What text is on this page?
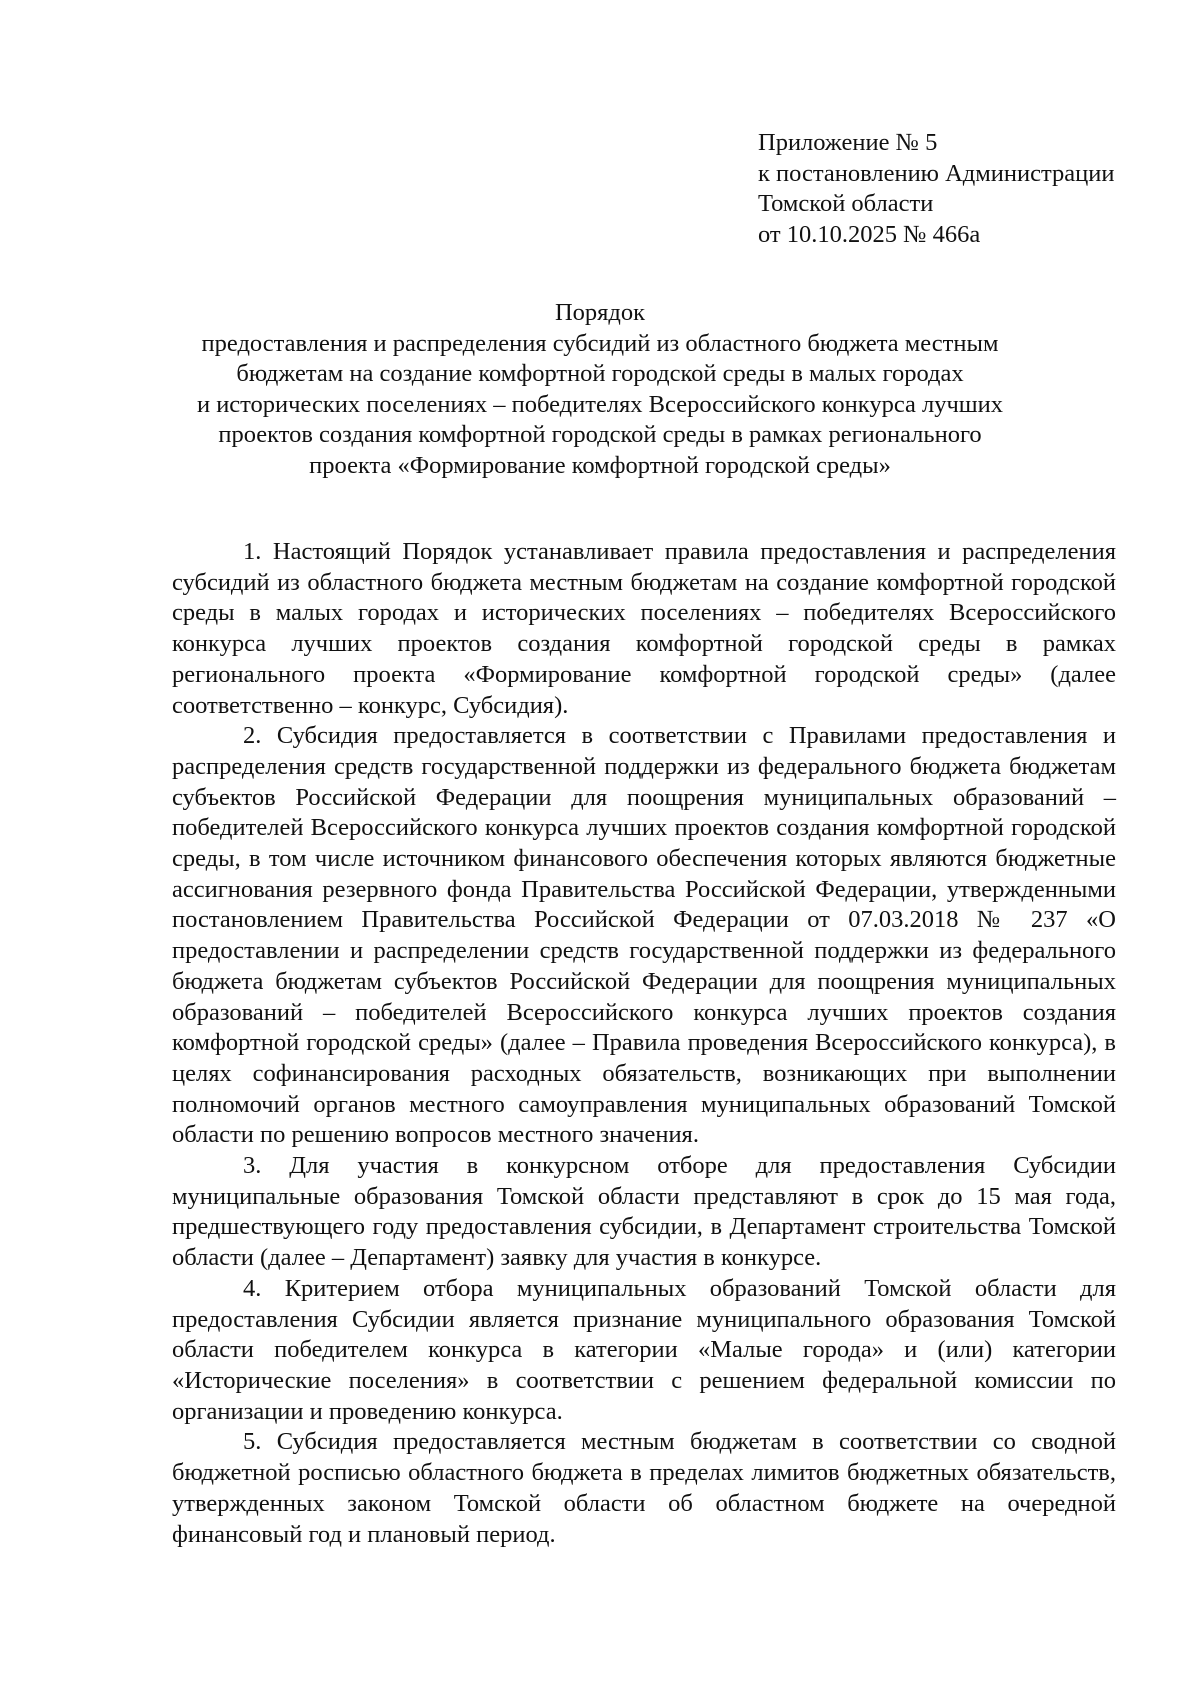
Приложение № 5
к постановлению Администрации
Томской области
от 10.10.2025 № 466а
Порядок
предоставления и распределения субсидий из областного бюджета местным
бюджетам на создание комфортной городской среды в малых городах
и исторических поселениях – победителях Всероссийского конкурса лучших
проектов создания комфортной городской среды в рамках регионального
проекта «Формирование комфортной городской среды»

1. Настоящий Порядок устанавливает правила предоставления и распределения субсидий из областного бюджета местным бюджетам на создание комфортной городской среды в малых городах и исторических поселениях – победителях Всероссийского конкурса лучших проектов создания комфортной городской среды в рамках регионального проекта «Формирование комфортной городской среды» (далее соответственно – конкурс, Субсидия).

2. Субсидия предоставляется в соответствии с Правилами предоставления и распределения средств государственной поддержки из федерального бюджета бюджетам субъектов Российской Федерации для поощрения муниципальных образований – победителей Всероссийского конкурса лучших проектов создания комфортной городской среды, в том числе источником финансового обеспечения которых являются бюджетные ассигнования резервного фонда Правительства Российской Федерации, утвержденными постановлением Правительства Российской Федерации от 07.03.2018 № 237 «О предоставлении и распределении средств государственной поддержки из федерального бюджета бюджетам субъектов Российской Федерации для поощрения муниципальных образований – победителей Всероссийского конкурса лучших проектов создания комфортной городской среды» (далее – Правила проведения Всероссийского конкурса), в целях софинансирования расходных обязательств, возникающих при выполнении полномочий органов местного самоуправления муниципальных образований Томской области по решению вопросов местного значения.

3. Для участия в конкурсном отборе для предоставления Субсидии муниципальные образования Томской области представляют в срок до 15 мая года, предшествующего году предоставления субсидии, в Департамент строительства Томской области (далее – Департамент) заявку для участия в конкурсе.

4. Критерием отбора муниципальных образований Томской области для предоставления Субсидии является признание муниципального образования Томской области победителем конкурса в категории «Малые города» и (или) категории «Исторические поселения» в соответствии с решением федеральной комиссии по организации и проведению конкурса.

5. Субсидия предоставляется местным бюджетам в соответствии со сводной бюджетной росписью областного бюджета в пределах лимитов бюджетных обязательств, утвержденных законом Томской области об областном бюджете на очередной финансовый год и плановый период.
